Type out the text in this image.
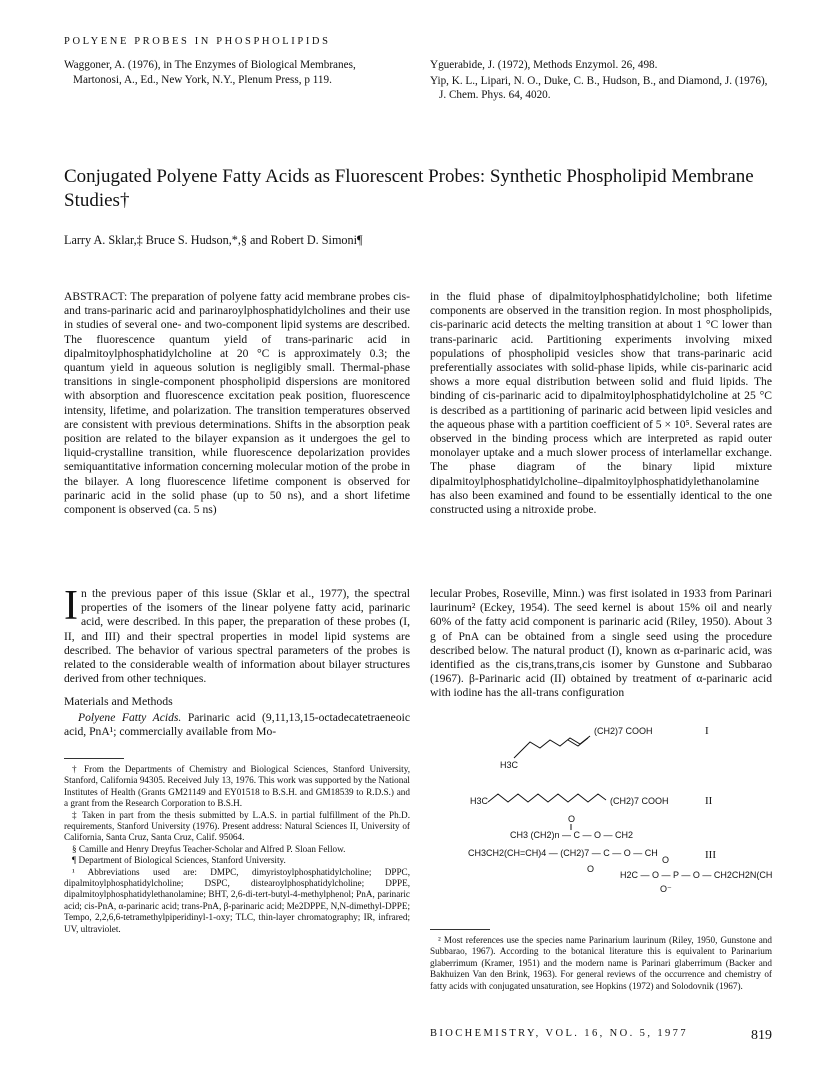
POLYENE PROBES IN PHOSPHOLIPIDS

Waggoner, A. (1976), in The Enzymes of Biological Membranes, Martonosi, A., Ed., New York, N.Y., Plenum Press, p 119.

Yguerabide, J. (1972), Methods Enzymol. 26, 498.

Yip, K. L., Lipari, N. O., Duke, C. B., Hudson, B., and Diamond, J. (1976), J. Chem. Phys. 64, 4020.

Conjugated Polyene Fatty Acids as Fluorescent Probes: Synthetic Phospholipid Membrane Studies†
Larry A. Sklar,‡ Bruce S. Hudson,*,§ and Robert D. Simoni¶
ABSTRACT: The preparation of polyene fatty acid membrane probes cis- and trans-parinaric acid and parinaroylphosphatidylcholines and their use in studies of several one- and two-component lipid systems are described. The fluorescence quantum yield of trans-parinaric acid in dipalmitoylphosphatidylcholine at 20 °C is approximately 0.3; the quantum yield in aqueous solution is negligibly small. Thermal-phase transitions in single-component phospholipid dispersions are monitored with absorption and fluorescence excitation peak position, fluorescence intensity, lifetime, and polarization. The transition temperatures observed are consistent with previous determinations. Shifts in the absorption peak position are related to the bilayer expansion as it undergoes the gel to liquid-crystalline transition, while fluorescence depolarization provides semiquantitative information concerning molecular motion of the probe in the bilayer. A long fluorescence lifetime component is observed for parinaric acid in the solid phase (up to 50 ns), and a short lifetime component is observed (ca. 5 ns)
in the fluid phase of dipalmitoylphosphatidylcholine; both lifetime components are observed in the transition region. In most phospholipids, cis-parinaric acid detects the melting transition at about 1 °C lower than trans-parinaric acid. Partitioning experiments involving mixed populations of phospholipid vesicles show that trans-parinaric acid preferentially associates with solid-phase lipids, while cis-parinaric acid shows a more equal distribution between solid and fluid lipids. The binding of cis-parinaric acid to dipalmitoylphosphatidylcholine at 25 °C is described as a partitioning of parinaric acid between lipid vesicles and the aqueous phase with a partition coefficient of 5 × 10⁵. Several rates are observed in the binding process which are interpreted as rapid outer monolayer uptake and a much slower process of interlamellar exchange. The phase diagram of the binary lipid mixture dipalmitoylphosphatidylcholine–dipalmitoylphosphatidylethanolamine has also been examined and found to be essentially identical to the one constructed using a nitroxide probe.
I n the previous paper of this issue (Sklar et al., 1977), the spectral properties of the isomers of the linear polyene fatty acid, parinaric acid, were described. In this paper, the preparation of these probes (I, II, and III) and their spectral properties in model lipid systems are described. The behavior of various spectral parameters of the probes is related to the considerable wealth of information about bilayer structures derived from other techniques.
Materials and Methods

Polyene Fatty Acids. Parinaric acid (9,11,13,15-octadecatetraeneoic acid, PnA¹; commercially available from Mo-

lecular Probes, Roseville, Minn.) was first isolated in 1933 from Parinari laurinum² (Eckey, 1954). The seed kernel is about 15% oil and nearly 60% of the fatty acid component is parinaric acid (Riley, 1950). About 3 g of PnA can be obtained from a single seed using the procedure described below. The natural product (I), known as α-parinaric acid, was identified as the cis,trans,trans,cis isomer by Gunstone and Subbarao (1967). β-Parinaric acid (II) obtained by treatment of α-parinaric acid with iodine has the all-trans configuration
(CH2)7 COOH	I
H3C
H3C	(CH2)7 COOH	II
O
CH3 (CH2)n — C — O — CH2
III
CH3CH2(CH=CH)4 — (CH2)7 — C — O — CH
O
O
H2C — O — P — O — CH2CH2N(CH3)3
O⁻

† From the Departments of Chemistry and Biological Sciences, Stanford University, Stanford, California 94305. Received July 13, 1976. This work was supported by the National Institutes of Health (Grants GM21149 and EY01518 to B.S.H. and GM18539 to R.D.S.) and a grant from the Research Corporation to B.S.H.

‡ Taken in part from the thesis submitted by L.A.S. in partial fulfillment of the Ph.D. requirements, Stanford University (1976). Present address: Natural Sciences II, University of California, Santa Cruz, Santa Cruz, Calif. 95064.

§ Camille and Henry Dreyfus Teacher-Scholar and Alfred P. Sloan Fellow.

¶ Department of Biological Sciences, Stanford University.

¹ Abbreviations used are: DMPC, dimyristoylphosphatidylcholine; DPPC, dipalmitoylphosphatidylcholine; DSPC, distearoylphosphatidylcholine; DPPE, dipalmitoylphosphatidylethanolamine; BHT, 2,6-di-tert-butyl-4-methylphenol; PnA, parinaric acid; cis-PnA, α-parinaric acid; trans-PnA, β-parinaric acid; Me2DPPE, N,N-dimethyl-DPPE; Tempo, 2,2,6,6-tetramethylpiperidinyl-1-oxy; TLC, thin-layer chromatography; IR, infrared; UV, ultraviolet.

² Most references use the species name Parinarium laurinum (Riley, 1950, Gunstone and Subbarao, 1967). According to the botanical literature this is equivalent to Parinarium glaberrimum (Kramer, 1951) and the modern name is Parinari glaberrimum (Backer and Bakhuizen Van den Brink, 1963). For general reviews of the occurrence and chemistry of fatty acids with conjugated unsaturation, see Hopkins (1972) and Solodovnik (1967).

BIOCHEMISTRY, VOL. 16, NO. 5, 1977	819
